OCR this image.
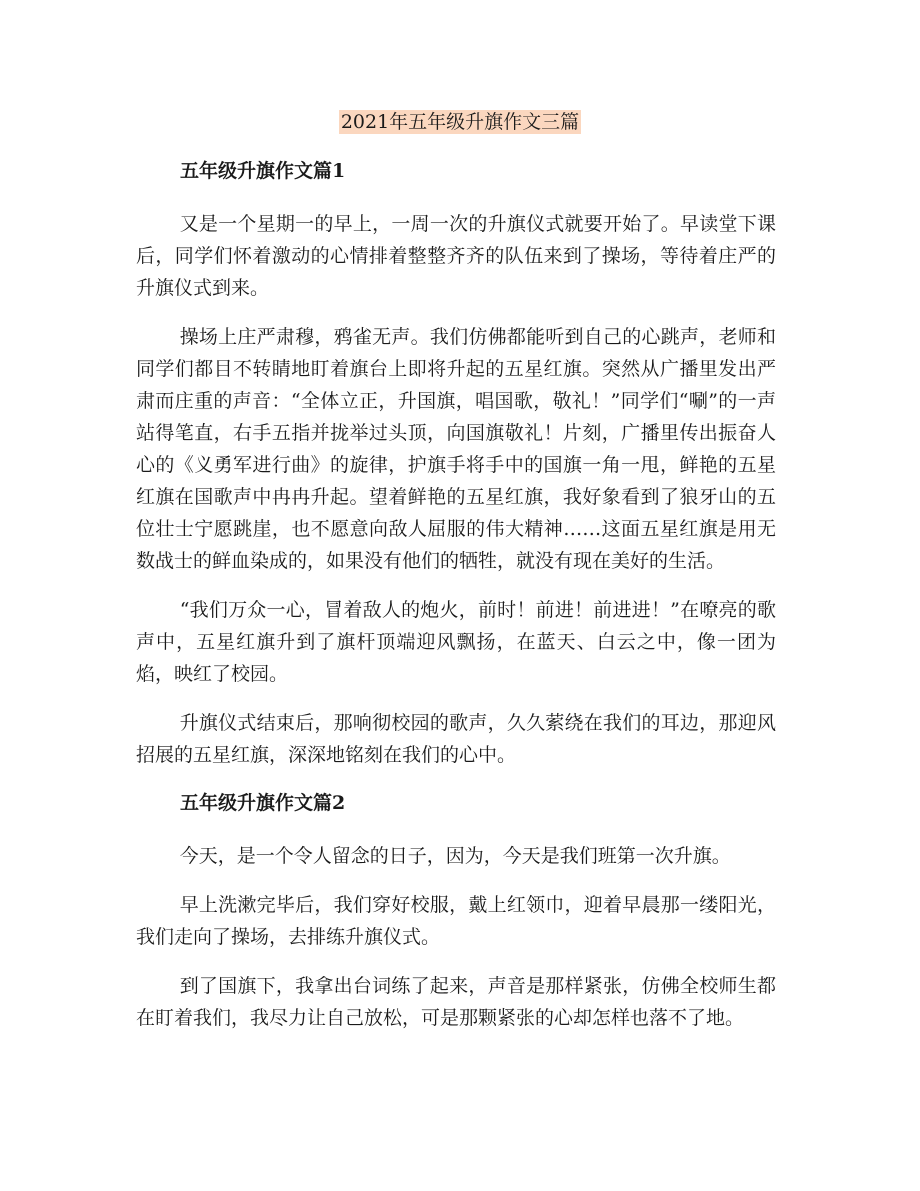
2021年五年级升旗作文三篇
五年级升旗作文篇1

又是一个星期一的早上，一周一次的升旗仪式就要开始了。早读堂下课后，同学们怀着激动的心情排着整整齐齐的队伍来到了操场，等待着庄严的升旗仪式到来。

操场上庄严肃穆，鸦雀无声。我们仿佛都能听到自己的心跳声，老师和同学们都目不转睛地盯着旗台上即将升起的五星红旗。突然从广播里发出严肃而庄重的声音：“全体立正，升国旗，唱国歌，敬礼！”同学们“唰”的一声站得笔直，右手五指并拢举过头顶，向国旗敬礼！片刻，广播里传出振奋人心的《义勇军进行曲》的旋律，护旗手将手中的国旗一角一甩，鲜艳的五星红旗在国歌声中冉冉升起。望着鲜艳的五星红旗，我好象看到了狼牙山的五位壮士宁愿跳崖，也不愿意向敌人屈服的伟大精神……这面五星红旗是用无数战士的鲜血染成的，如果没有他们的牺牲，就没有现在美好的生活。

“我们万众一心，冒着敌人的炮火，前时！前进！前进进！”在嘹亮的歌声中，五星红旗升到了旗杆顶端迎风飘扬，在蓝天、白云之中，像一团为焰，映红了校园。

升旗仪式结束后，那响彻校园的歌声，久久萦绕在我们的耳边，那迎风招展的五星红旗，深深地铭刻在我们的心中。

五年级升旗作文篇2

今天，是一个令人留念的日子，因为，今天是我们班第一次升旗。

早上洗漱完毕后，我们穿好校服，戴上红领巾，迎着早晨那一缕阳光，我们走向了操场，去排练升旗仪式。

到了国旗下，我拿出台词练了起来，声音是那样紧张，仿佛全校师生都在盯着我们，我尽力让自己放松，可是那颗紧张的心却怎样也落不了地。
